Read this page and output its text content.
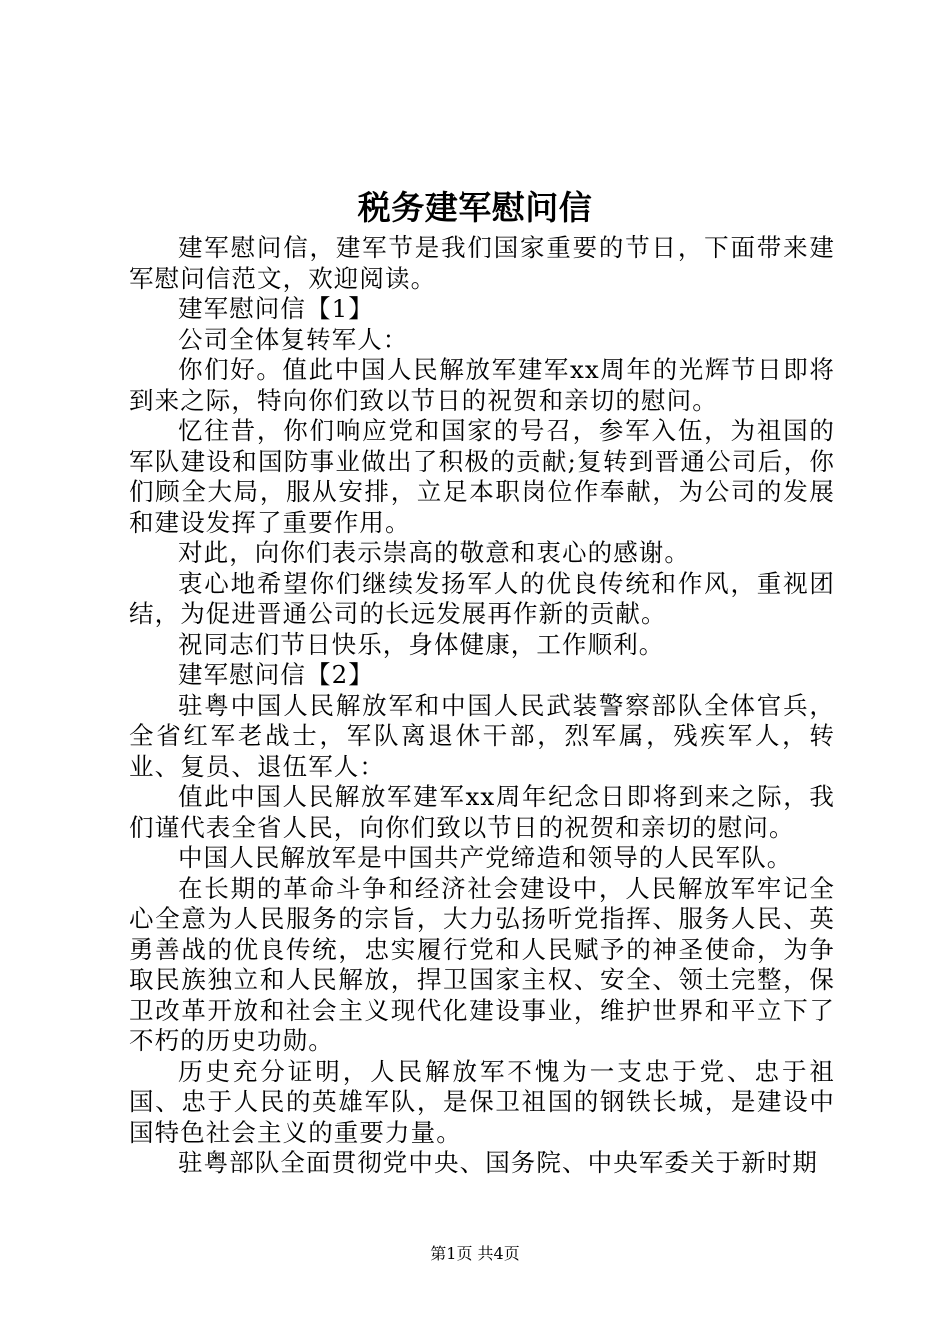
税务建军慰问信

建军慰问信，建军节是我们国家重要的节日，下面带来建军慰问信范文，欢迎阅读。

建军慰问信【1】

公司全体复转军人：

你们好。值此中国人民解放军建军xx周年的光辉节日即将到来之际，特向你们致以节日的祝贺和亲切的慰问。

忆往昔，你们响应党和国家的号召，参军入伍，为祖国的军队建设和国防事业做出了积极的贡献;复转到晋通公司后，你们顾全大局，服从安排，立足本职岗位作奉献，为公司的发展和建设发挥了重要作用。

对此，向你们表示崇高的敬意和衷心的感谢。

衷心地希望你们继续发扬军人的优良传统和作风，重视团结，为促进晋通公司的长远发展再作新的贡献。

祝同志们节日快乐，身体健康，工作顺利。

建军慰问信【2】

驻粤中国人民解放军和中国人民武装警察部队全体官兵，全省红军老战士，军队离退休干部，烈军属，残疾军人，转业、复员、退伍军人：

值此中国人民解放军建军xx周年纪念日即将到来之际，我们谨代表全省人民，向你们致以节日的祝贺和亲切的慰问。

中国人民解放军是中国共产党缔造和领导的人民军队。

在长期的革命斗争和经济社会建设中，人民解放军牢记全心全意为人民服务的宗旨，大力弘扬听党指挥、服务人民、英勇善战的优良传统，忠实履行党和人民赋予的神圣使命，为争取民族独立和人民解放，捍卫国家主权、安全、领土完整，保卫改革开放和社会主义现代化建设事业，维护世界和平立下了不朽的历史功勋。

历史充分证明，人民解放军不愧为一支忠于党、忠于祖国、忠于人民的英雄军队，是保卫祖国的钢铁长城，是建设中国特色社会主义的重要力量。

驻粤部队全面贯彻党中央、国务院、中央军委关于新时期

第1页 共4页
